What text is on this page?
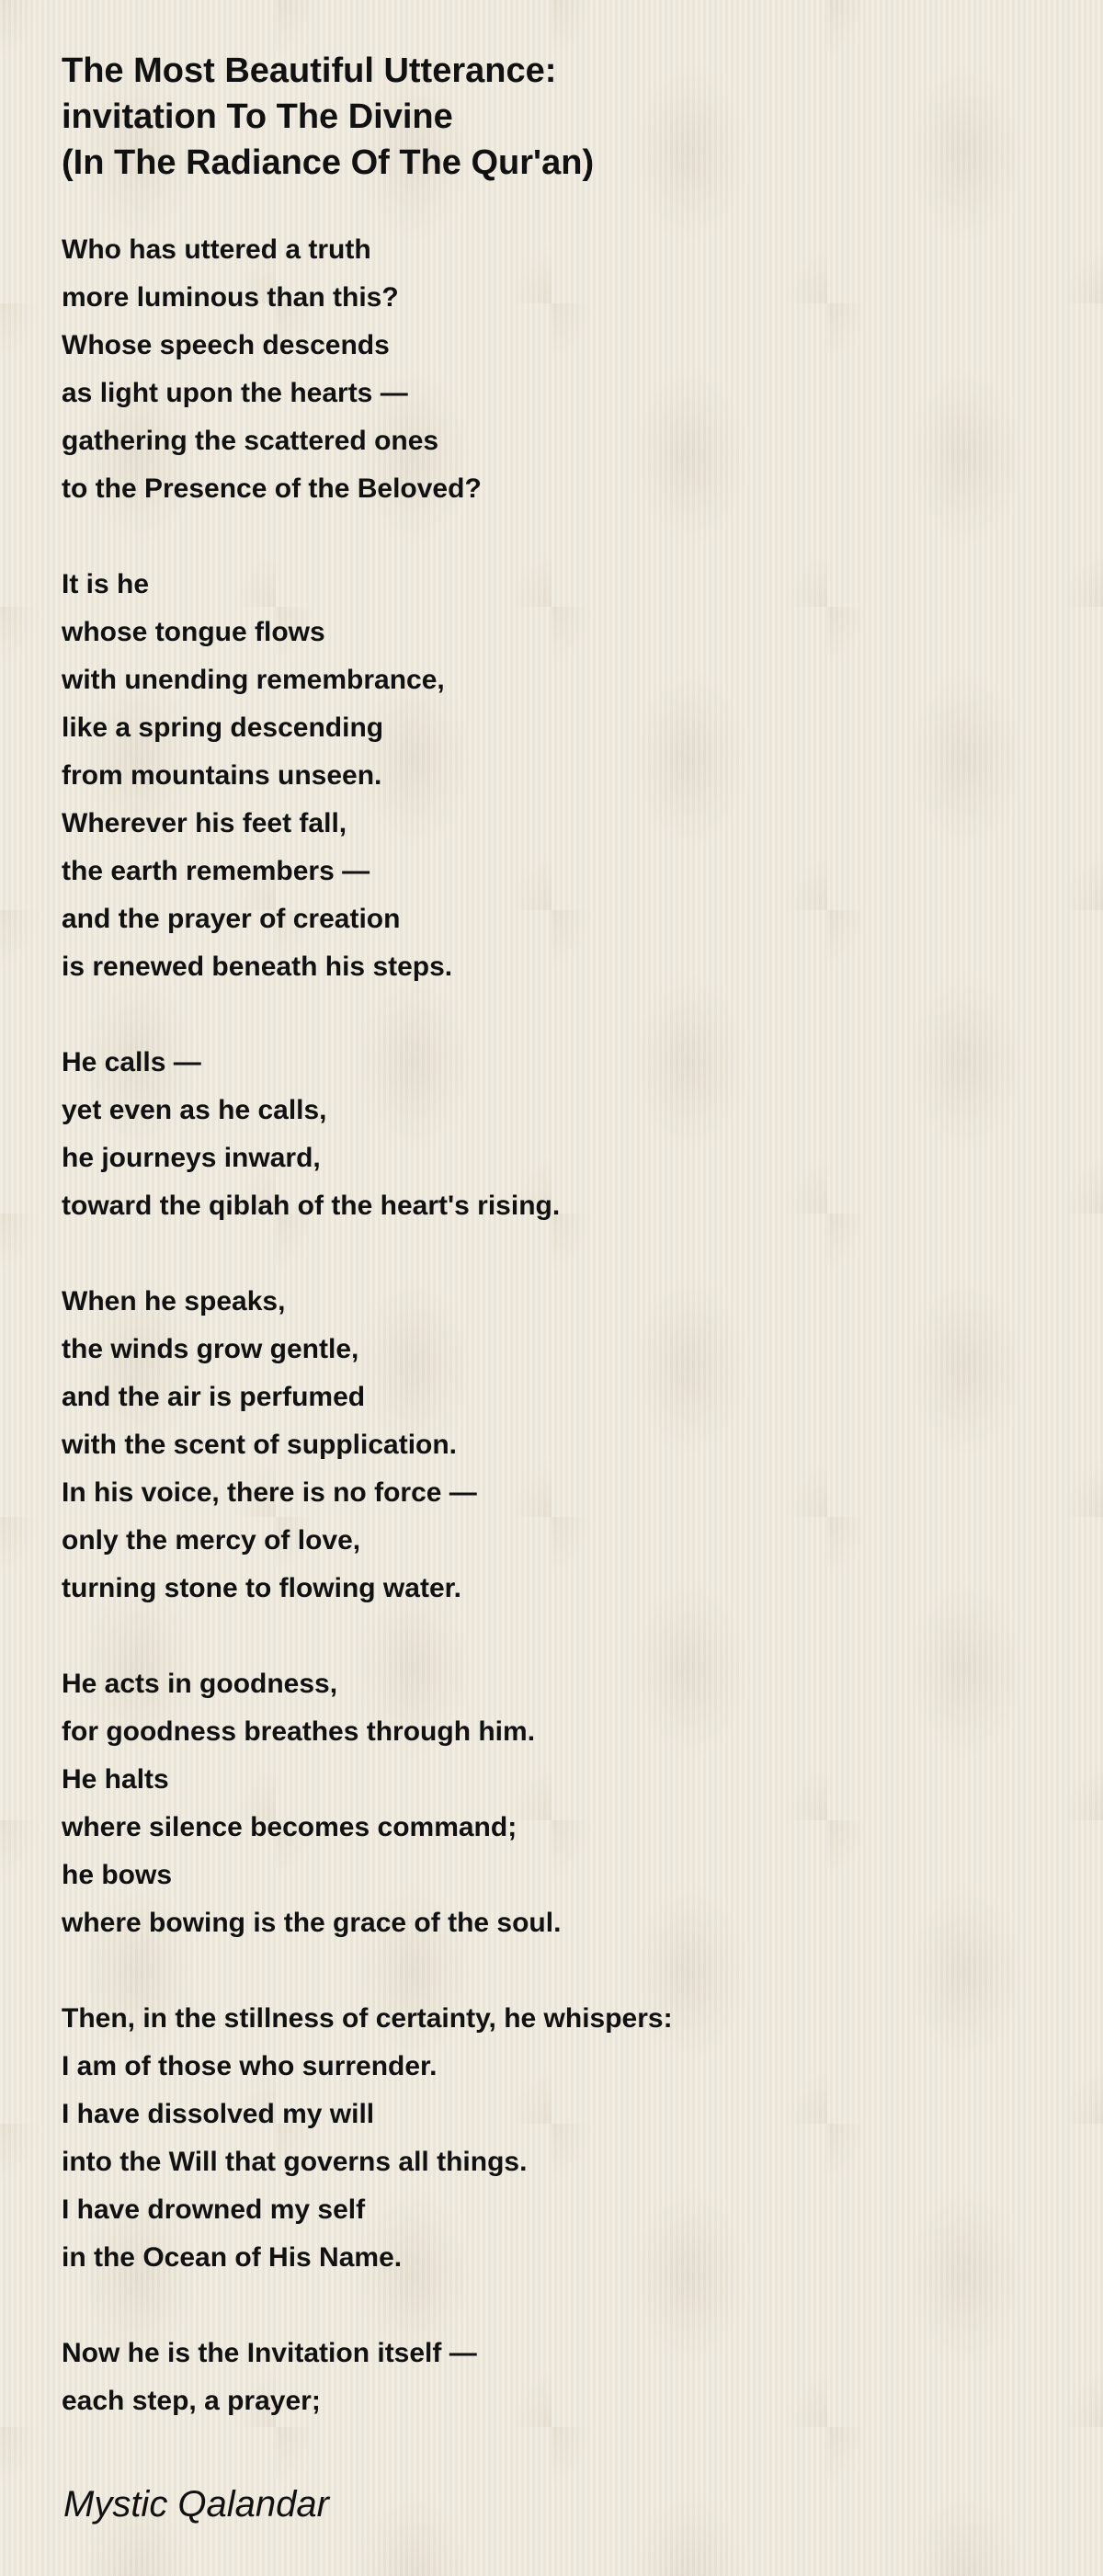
The Most Beautiful Utterance:
invitation To The Divine
(In The Radiance Of The Qur'an)
Who has uttered a truth
more luminous than this?
Whose speech descends
as light upon the hearts —
gathering the scattered ones
to the Presence of the Beloved?
It is he
whose tongue flows
with unending remembrance,
like a spring descending
from mountains unseen.
Wherever his feet fall,
the earth remembers —
and the prayer of creation
is renewed beneath his steps.
He calls —
yet even as he calls,
he journeys inward,
toward the qiblah of the heart's rising.
When he speaks,
the winds grow gentle,
and the air is perfumed
with the scent of supplication.
In his voice, there is no force —
only the mercy of love,
turning stone to flowing water.
He acts in goodness,
for goodness breathes through him.
He halts
where silence becomes command;
he bows
where bowing is the grace of the soul.
Then, in the stillness of certainty, he whispers:
I am of those who surrender.
I have dissolved my will
into the Will that governs all things.
I have drowned my self
in the Ocean of His Name.
Now he is the Invitation itself —
each step, a prayer;
Mystic Qalandar
